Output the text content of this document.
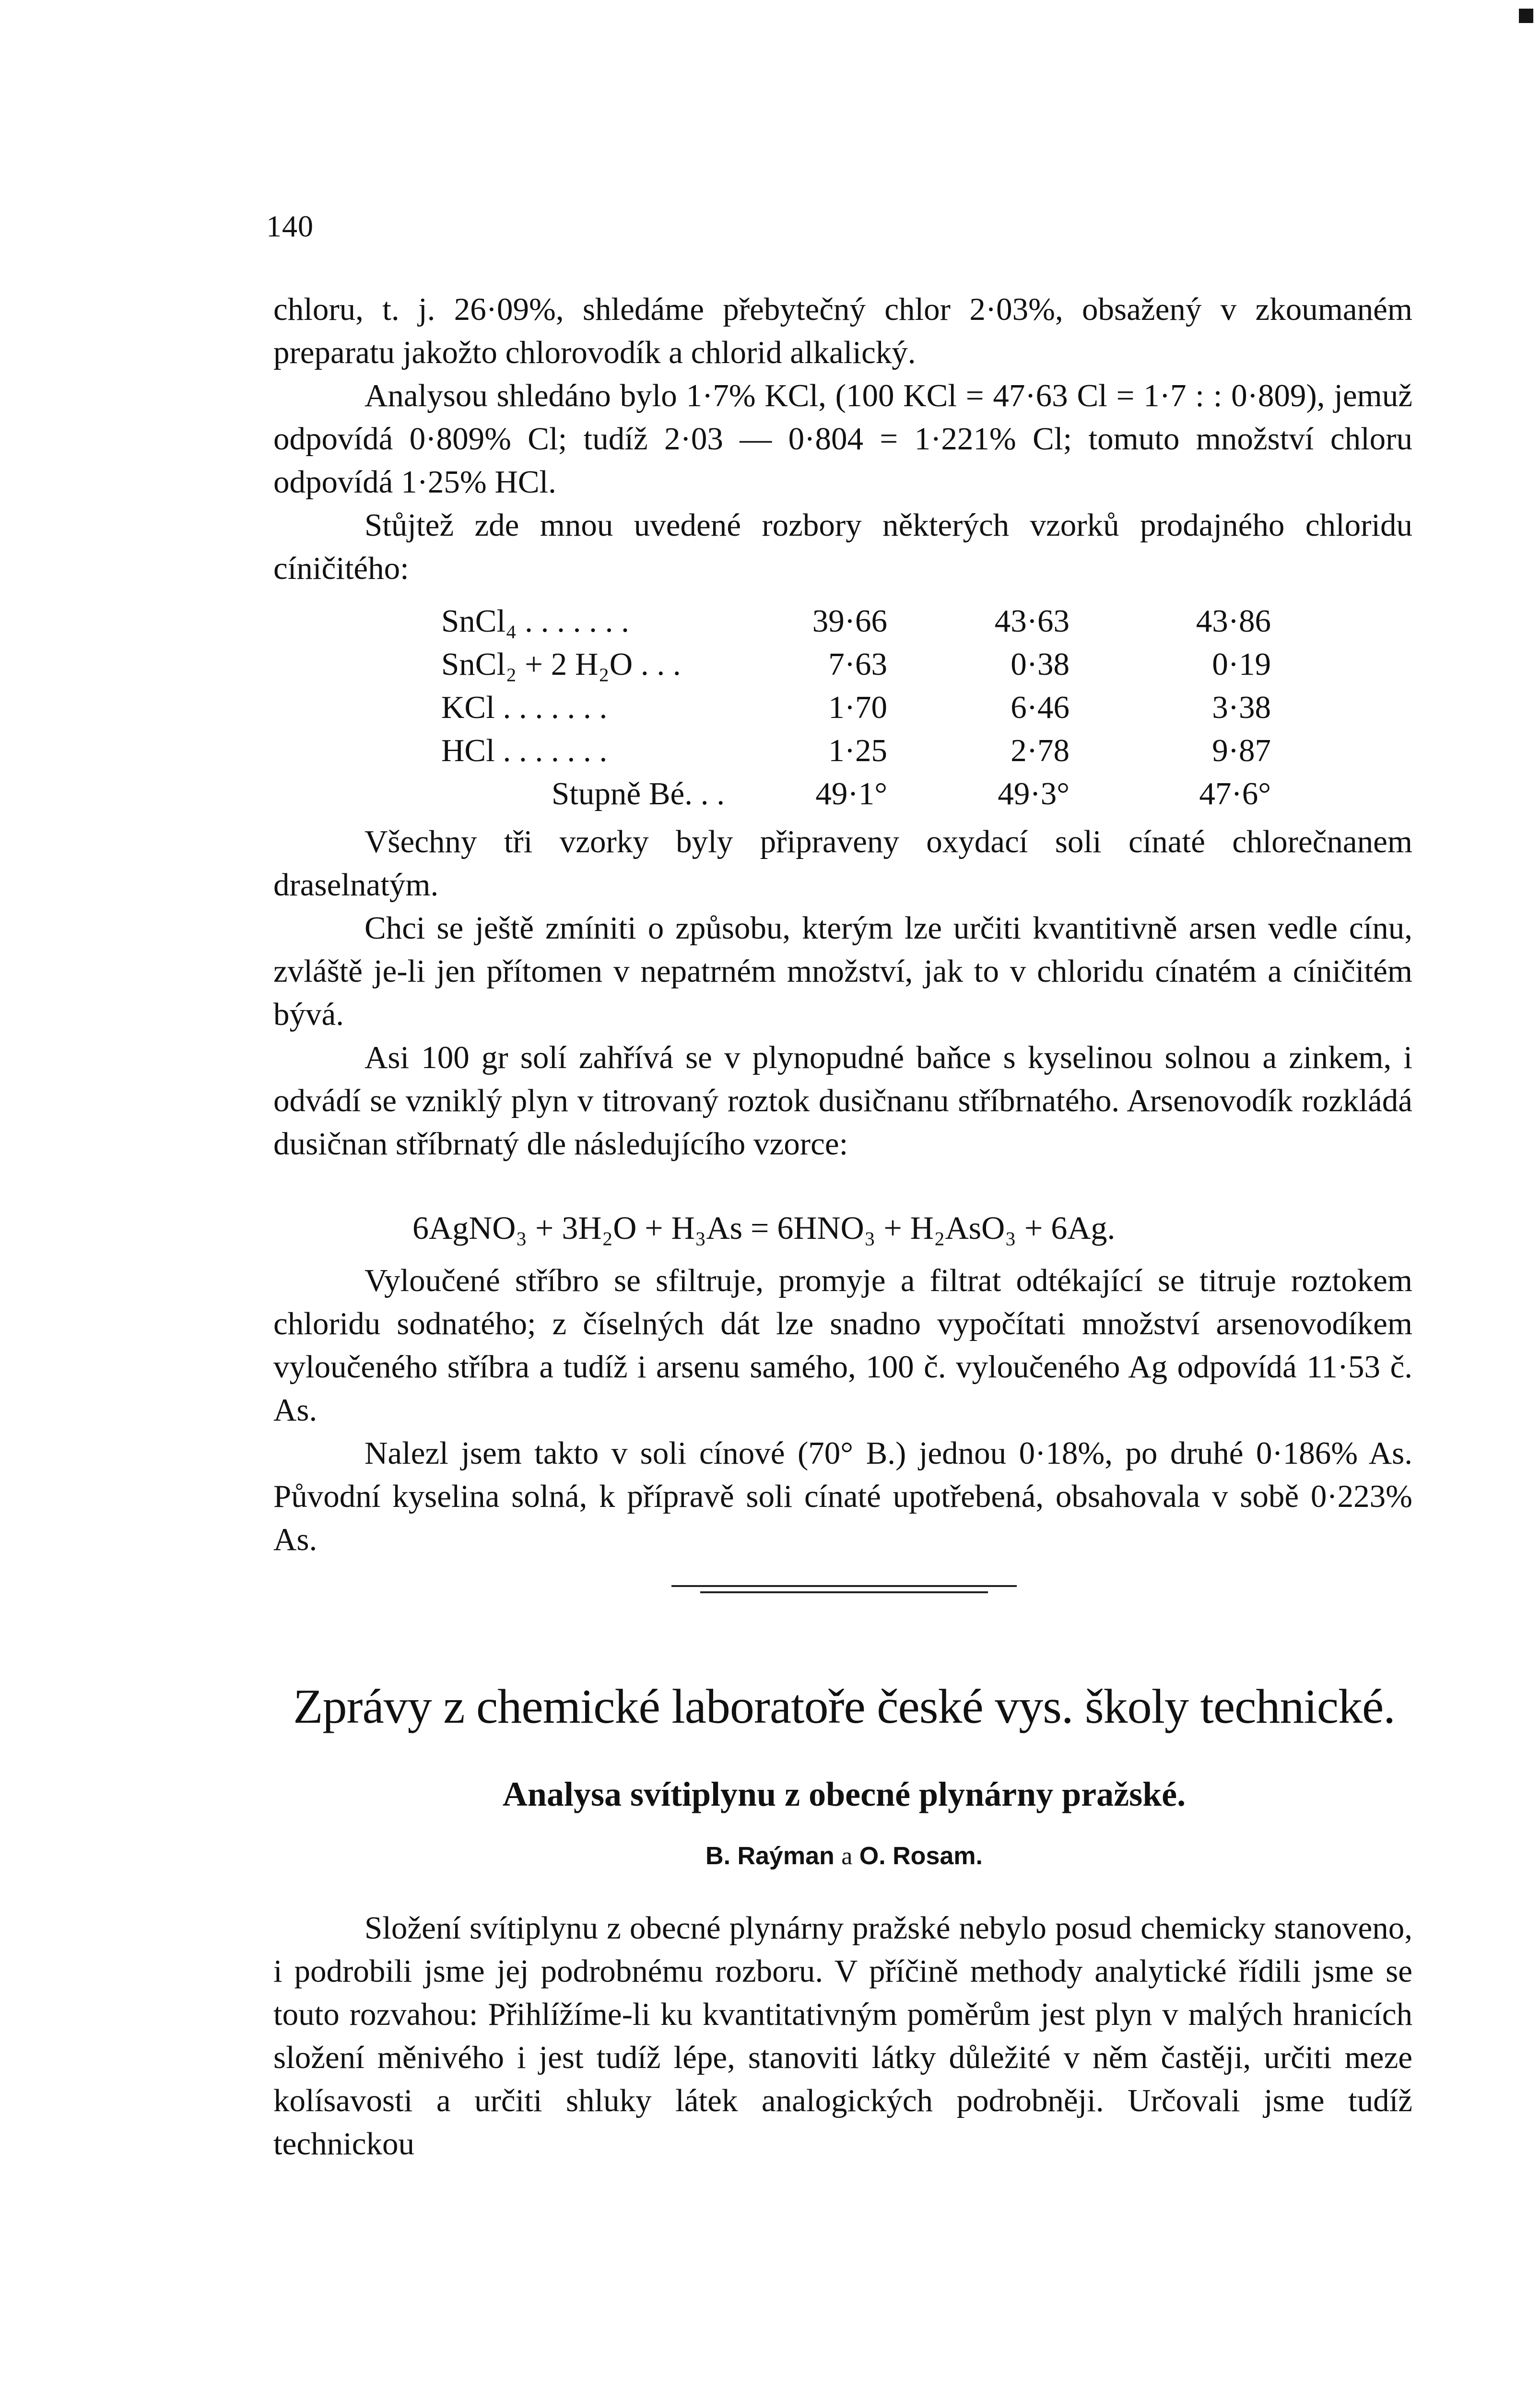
140

chloru, t. j. 26·09%, shledáme přebytečný chlor 2·03%, obsažený v zkoumaném preparatu jakožto chlorovodík a chlorid alkalický.

Analysou shledáno bylo 1·7% KCl, (100 KCl = 47·63 Cl = 1·7 : : 0·809), jemuž odpovídá 0·809% Cl; tudíž 2·03 — 0·804 = 1·221% Cl; tomuto množství chloru odpovídá 1·25% HCl.

Stůjtež zde mnou uvedené rozbory některých vzorků prodajného chloridu cíničitého:

SnCl₄ . . . . . . .	39·66	43·63	43·86
SnCl₂ + 2 H₂O . . .	7·63	0·38	0·19
KCl . . . . . . .	1·70	6·46	3·38
HCl . . . . . . .	1·25	2·78	9·87
Stupně Bé. . .	49·1°	49·3°	47·6°

Všechny tři vzorky byly připraveny oxydací soli cínaté chlorečnanem draselnatým.

Chci se ještě zmíniti o způsobu, kterým lze určiti kvantitivně arsen vedle cínu, zvláště je-li jen přítomen v nepatrném množství, jak to v chloridu cínatém a cíničitém bývá.

Asi 100 gr solí zahřívá se v plynopudné baňce s kyselinou solnou a zinkem, i odvádí se vzniklý plyn v titrovaný roztok dusičnanu stříbrnatého. Arsenovodík rozkládá dusičnan stříbrnatý dle následujícího vzorce:

6AgNO₃ + 3H₂O + H₃As = 6HNO₃ + H₂AsO₃ + 6Ag.

Vyloučené stříbro se sfiltruje, promyje a filtrat odtékající se titruje roztokem chloridu sodnatého; z číselných dát lze snadno vypočítati množství arsenovodíkem vyloučeného stříbra a tudíž i arsenu samého, 100 č. vyloučeného Ag odpovídá 11·53 č. As.

Nalezl jsem takto v soli cínové (70° B.) jednou 0·18%, po druhé 0·186% As. Původní kyselina solná, k přípravě soli cínaté upotřebená, obsahovala v sobě 0·223% As.

Zprávy z chemické laboratoře české vys. školy technické.
Analysa svítiplynu z obecné plynárny pražské.
B. Raýman a O. Rosam.

Složení svítiplynu z obecné plynárny pražské nebylo posud chemicky stanoveno, i podrobili jsme jej podrobnému rozboru. V příčině methody analytické řídili jsme se touto rozvahou: Přihlížíme-li ku kvantitativným poměrům jest plyn v malých hranicích složení měnivého i jest tudíž lépe, stanoviti látky důležité v něm častěji, určiti meze kolísavosti a určiti shluky látek analogických podrobněji. Určovali jsme tudíž technickou
